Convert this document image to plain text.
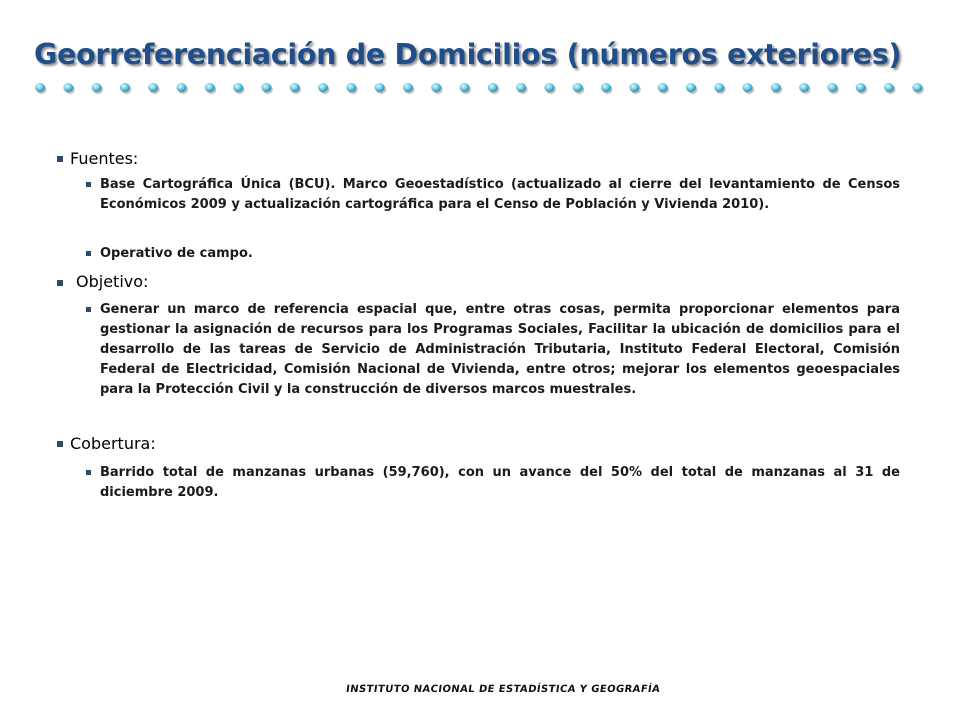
Georreferenciación de Domicilios (números exteriores)
Fuentes:
Base Cartográfica Única (BCU). Marco Geoestadístico (actualizado al cierre del levantamiento de Censos Económicos 2009 y actualización cartográfica para el Censo de Población y Vivienda 2010).
Operativo de campo.
Objetivo:
Generar un marco de referencia espacial que, entre otras cosas, permita proporcionar elementos para gestionar la asignación de recursos para los Programas Sociales, Facilitar la ubicación de domicilios para el desarrollo de las tareas de Servicio de Administración Tributaria, Instituto Federal Electoral, Comisión Federal de Electricidad, Comisión Nacional de Vivienda, entre otros; mejorar los elementos geoespaciales para la Protección Civil y la construcción de diversos marcos muestrales.
Cobertura:
Barrido total de manzanas urbanas (59,760), con un avance del 50% del total de manzanas al 31 de diciembre 2009.
INSTITUTO NACIONAL DE ESTADÍSTICA Y GEOGRAFÍA
